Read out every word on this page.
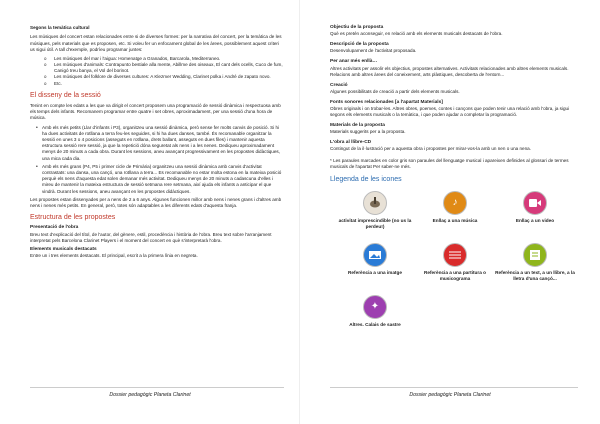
Segons la temàtica cultural

Les músiques del concert estan relacionades entre si de diverses formes: per la narrativa del concert, per la temàtica de les músiques, pels materials que es proposen, etc. Si voleu fer un enfocament global de les àrees, possiblement aquest criteri us sigui útil. A tall d'exemple, podríeu programar juntes:

o Les músiques del mar i l'aigua: Homenatge a Granados, Barcarola, Mediterraneo.
o Les músiques d'animals: Contrapunto bestiale alla mente, Abillme des oiseaux, El cant dels ocells, Cuco de fum, Canigó treu banya, el Vol del borinot.
o Les músiques del folklore de diverses cultures: A Klezmer Wedding, Clarinet polka i André de zapato novo.
o Etc.
El disseny de la sessió

Tenint en compte les edats a les que va dirigit el concert proposem una programació de sessió dinàmica i respectuosa amb els temps dels infants. Recomanem programar entre quatre i set obres, aproximadament, per una sessió d'una hora de música.

• Amb els més petits (Llar d'infants i P3), organitzeu una sessió dinàmica, però sense fer molts canvis de posició. Si hi ha dues activitats de rotllana a terra feu-les seguides, si hi ha dues danses, també. És recomanable organitzar la sessió en unes 3 o 4 posicions (asseguts en rotllana, drets ballant, asseguts en dues files) i mantenir aquesta estructura sessió rere sessió, ja que la repetició dóna seguretat als nens i a les nenes. Dediqueu aproximadament menys de 20 minuts a cada obra. Durant les sessions, aneu avançant progressivament en les propostes didàctiques, una mica cada dia.
• Amb els més grans (P4, P5 i primer cicle de Primària) organitzeu una sessió dinàmica amb canvis d'activitat contrastats: una dansa, una cançó, una rotllana a terra... Es recomanable no estar molta estona en la mateixa posició perquè els nens d'aquesta edat solen demanar més activitat. Dediqueu menys de 20 minuts a cadascuna d'elles i mireu de mantenir la mateixa estructura de sessió setmana rere setmana, així ajuda els infants a anticipar el que vindrà. Durant les sessions, aneu avançant en les propostes didàctiques.

Les propostes estan dissenyades per a nens de 2 a 6 anys. Algunes funcionen millor amb nens i nenes grans i d'altres amb nens i nenes més petits. En general, però, totes són adaptables a les diferents edats d'aquesta franja.

Estructura de les propostes

Presentació de l'obra

Breu text d'explicació del títol, de l'autor, del gènere, estil, procedència i història de l'obra. Breu text sobre l'arranjament interpretat pels Barcelona Clarinet Players i el moment del concert en què s'interpretarà l'obra.

Elements musicals destacats

Entre un i tres elements destacats. El principal, escrit a la primera línia en negreta.

Dossier pedagògic Planeta Clarinet

Objectiu de la proposta

Què es pretén aconseguir, en relació amb els elements musicals destacats de l'obra.

Descripció de la proposta

Desenvolupament de l'activitat proposada.

Per anar més enllà…

Altres activitats per assolir els objectius, propostes alternatives. Activitats relacionades amb altres elements musicals. Relacions amb altres àrees del coneixement, arts plàstiques, descoberta de l'entorn...

Creació

Algunes possibilitats de creació a partir dels elements musicals.

Fonts sonores relacionades [a l'apartat Materials]

Obres originals i on trobar-les. Altres obres, poemes, contes i cançons que poden tenir una relació amb l'obra, ja sigui segons els elements musicals o la temàtica, i que poden ajudar a completar la programació.

Materials de la proposta

Materials suggerits per a la proposta.

L'obra al llibre-CD

Contingut de la il·lustració per a aquesta obra i propostes per mirar-vos-la amb un nen o una nena.

* Les paraules marcades en color gris son paraules del llenguatge musical i apareixen definides al glossari de termes musicals de l'apartat Per saber-ne més.

Llegenda de les icones
activitat imprescindible (no us la perdeu!)
♪
Enllaç a una música	Enllaç a un video
Referència a una imatge	Referència a una partitura o musicograma
Referència a un text, a un llibre, a la lletra d'una cançó...
✦
Altres. Calais de sastre
Dossier pedagògic Planeta Clarinet
